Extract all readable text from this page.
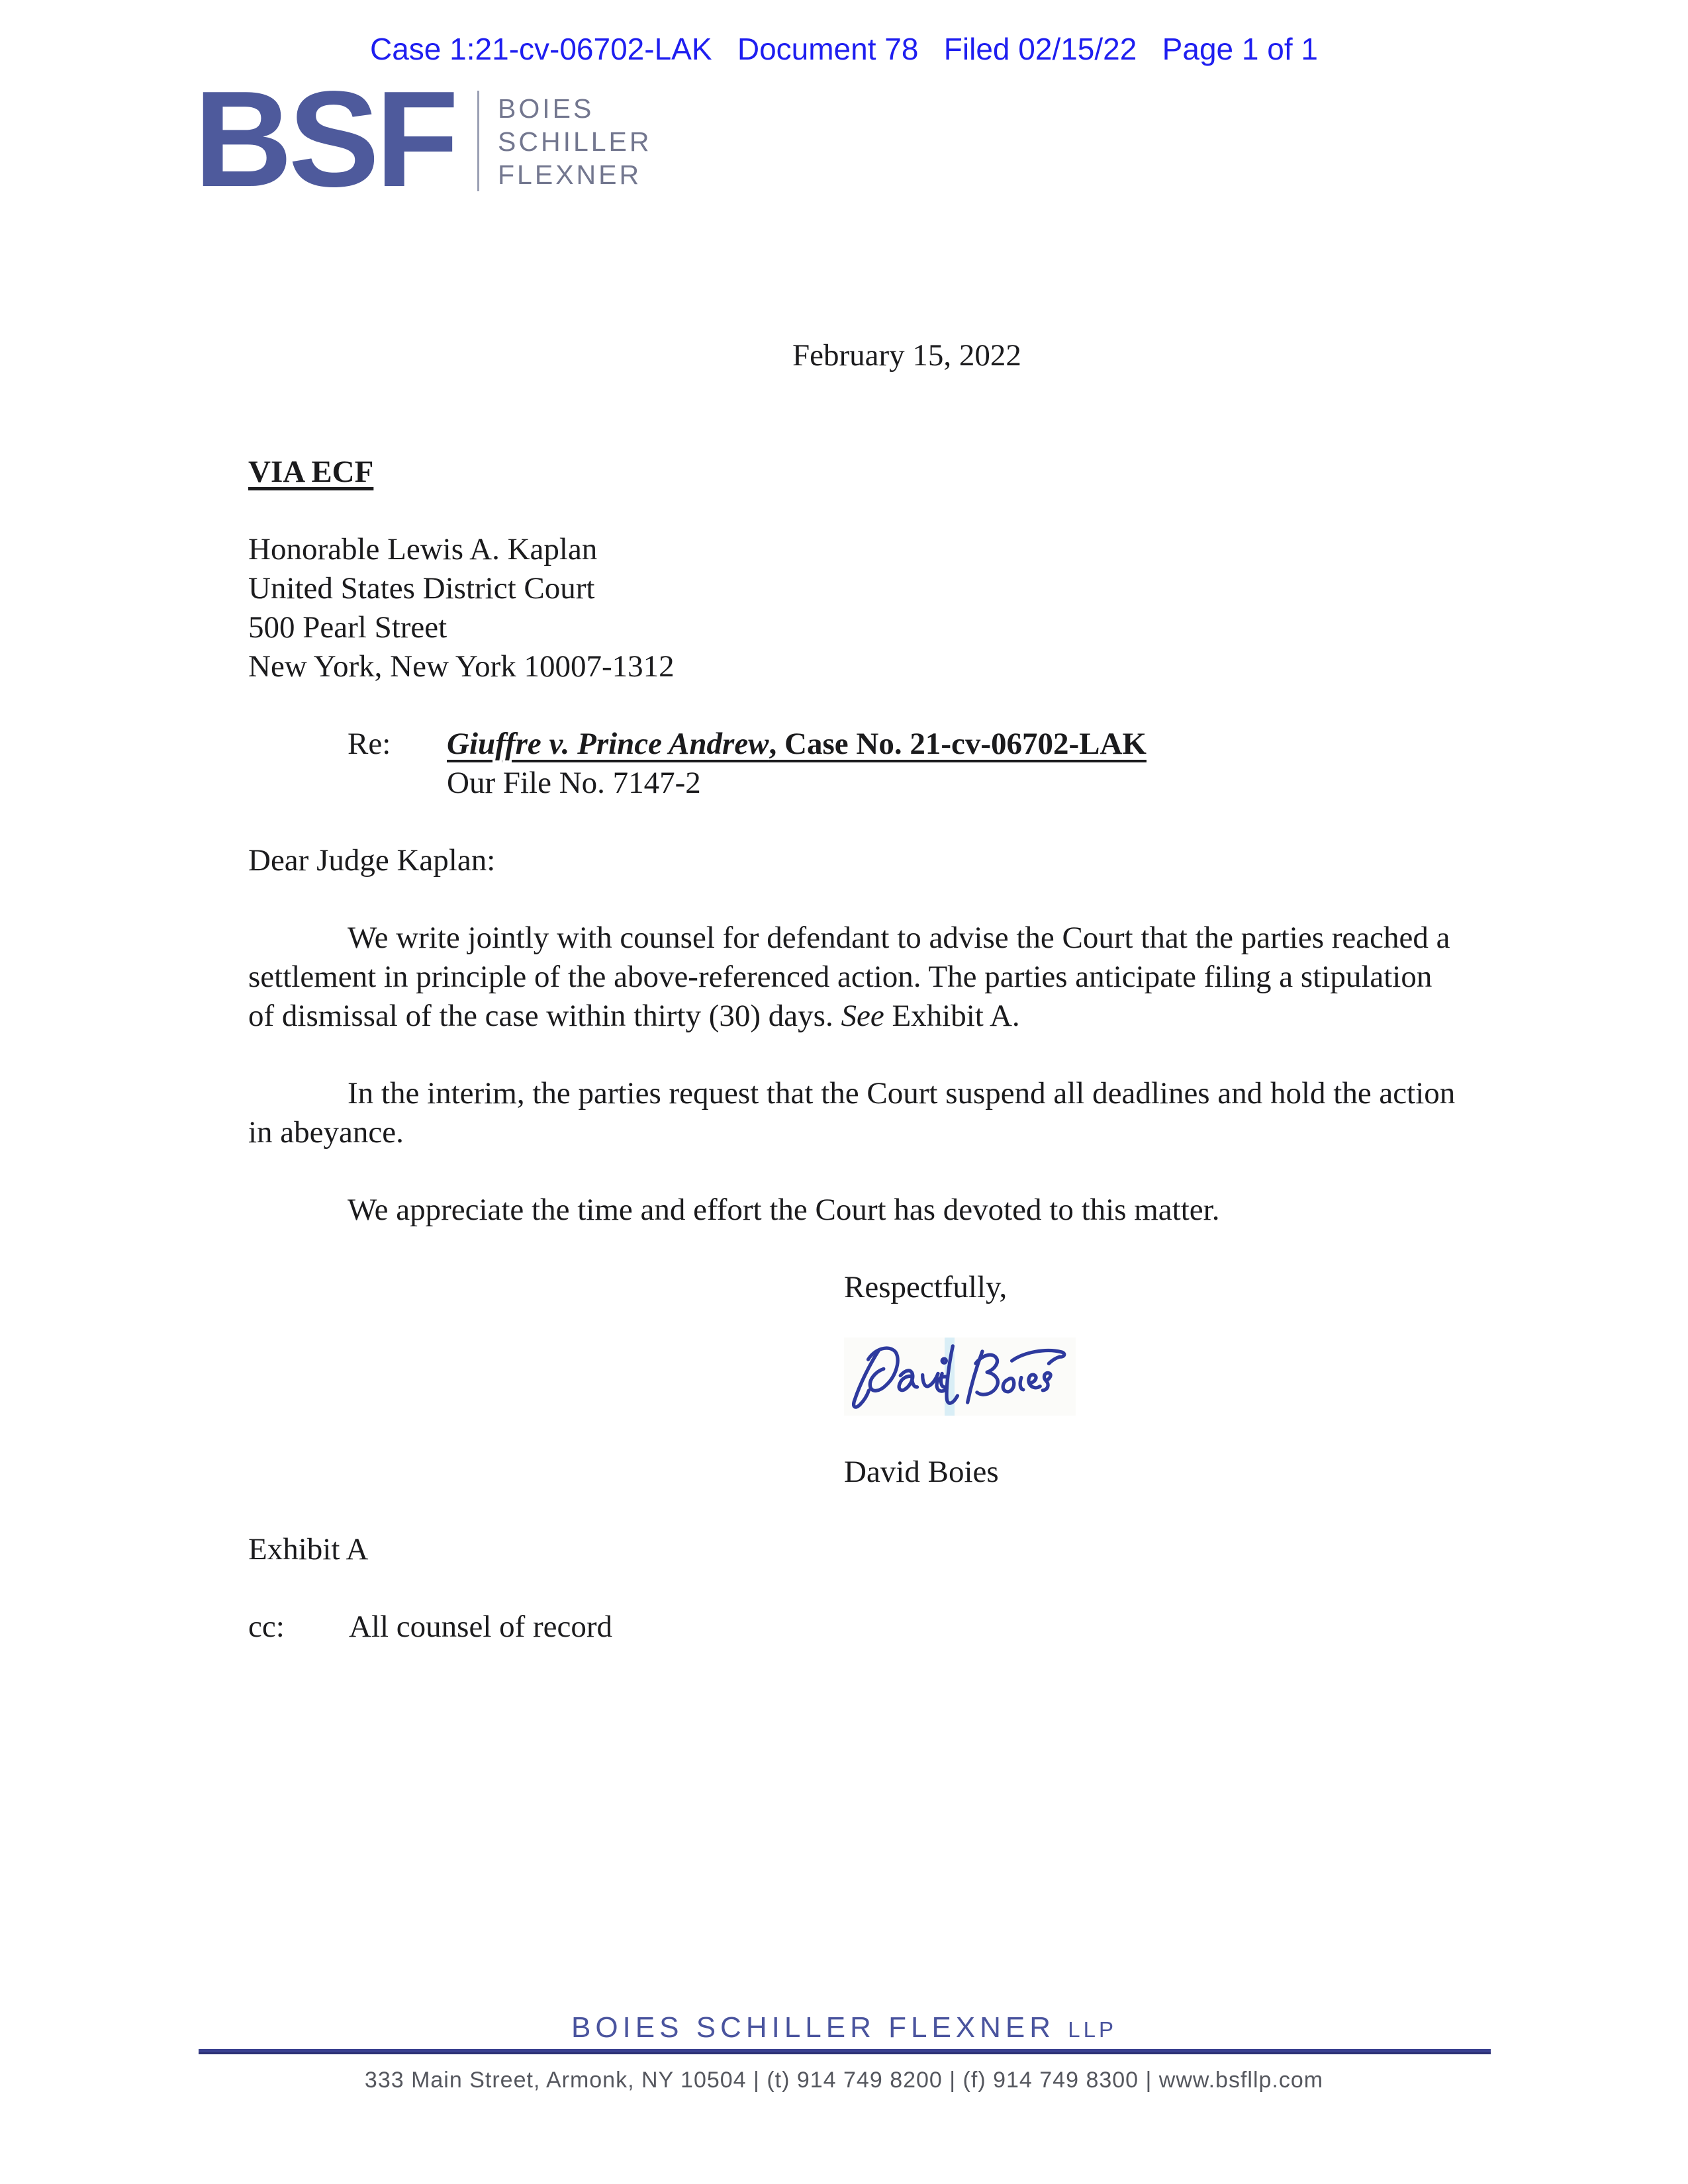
Case 1:21-cv-06702-LAK   Document 78   Filed 02/15/22   Page 1 of 1
BSF BOIES
SCHILLER
FLEXNER
February 15, 2022
VIA ECF
Honorable Lewis A. Kaplan
United States District Court
500 Pearl Street
New York, New York 10007-1312
Re:	Giuffre v. Prince Andrew, Case No. 21-cv-06702-LAK
Our File No. 7147-2
Dear Judge Kaplan:
We write jointly with counsel for defendant to advise the Court that the parties reached a settlement in principle of the above-referenced action. The parties anticipate filing a stipulation of dismissal of the case within thirty (30) days. See Exhibit A.
In the interim, the parties request that the Court suspend all deadlines and hold the action in abeyance.
We appreciate the time and effort the Court has devoted to this matter.
Respectfully,
David Boies
Exhibit A
cc:	All counsel of record
BOIES SCHILLER FLEXNER LLP
333 Main Street, Armonk, NY 10504 | (t) 914 749 8200 | (f) 914 749 8300 | www.bsfllp.com
